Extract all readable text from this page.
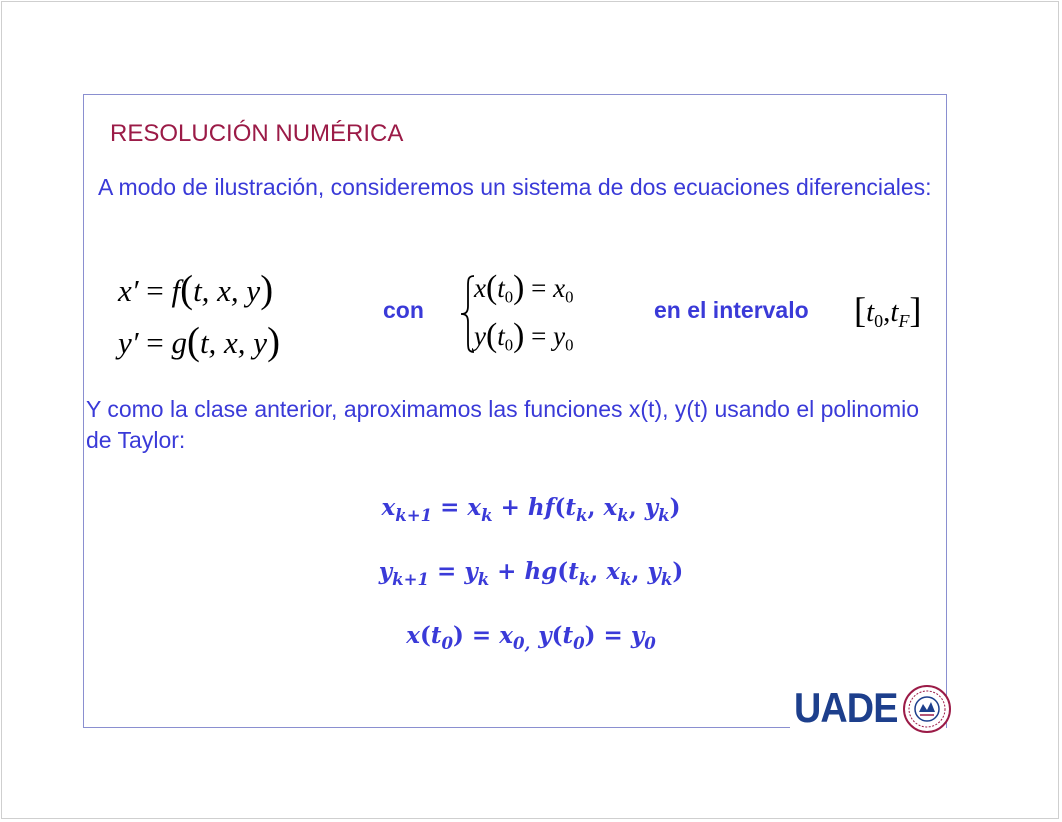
RESOLUCIÓN NUMÉRICA
A modo de ilustración, consideremos un sistema de dos ecuaciones diferenciales:
x′ = f(t, x, y)
y′ = g(t, x, y)
con
$x(t_0) = x_0$
$y(t_0) = y_0$
en el intervalo $[t_0,tF]$
Y como la clase anterior, aproximamos las funciones x(t), y(t) usando el polinomio de Taylor:
$x_{k+1} = x_k + hf(t_k$, $x_k$, $y_k$)
$y_{k+1} = y_k + hg(t_k$, $x_k$, $y_k$)
$x(t_0) = x_{0,}$ $y(t_0) = y_0$
UADE
